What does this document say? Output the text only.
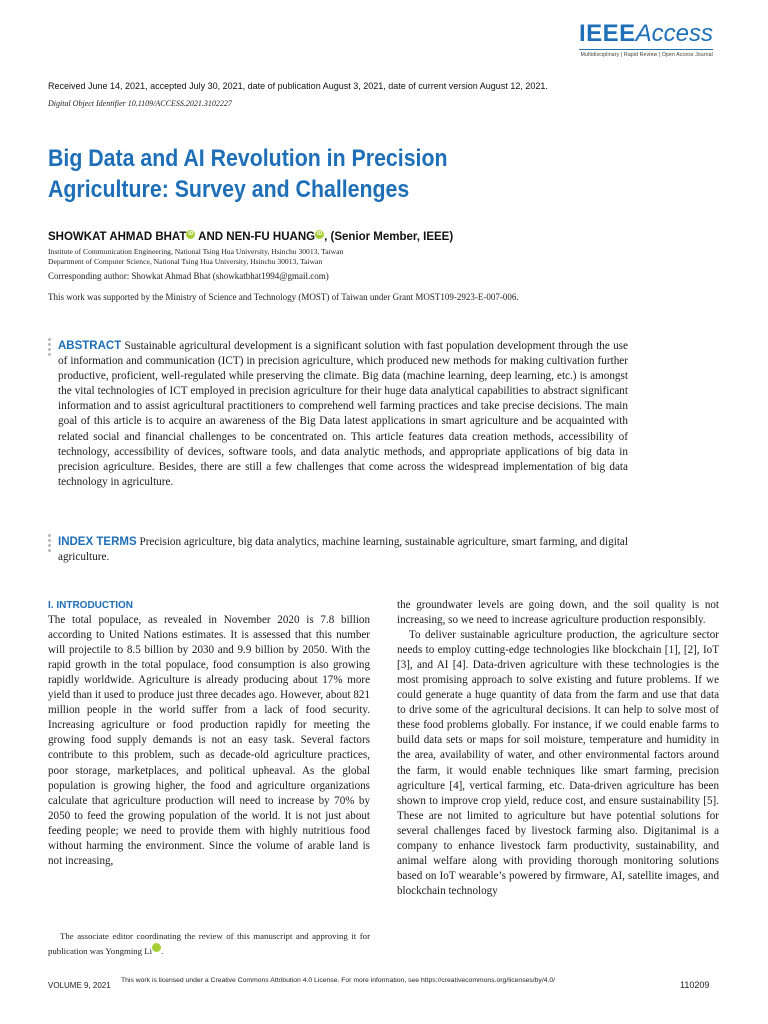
IEEEAccess
Multidisciplinary | Rapid Review | Open Access Journal
Received June 14, 2021, accepted July 30, 2021, date of publication August 3, 2021, date of current version August 12, 2021.
Digital Object Identifier 10.1109/ACCESS.2021.3102227
Big Data and AI Revolution in Precision
Agriculture: Survey and Challenges
SHOWKAT AHMAD BHAT iD AND NEN-FU HUANG iD , (Senior Member, IEEE)
Institute of Communication Engineering, National Tsing Hua University, Hsinchu 30013, Taiwan
Department of Computer Science, National Tsing Hua University, Hsinchu 30013, Taiwan
Corresponding author: Showkat Ahmad Bhat (showkatbhat1994@gmail.com)
This work was supported by the Ministry of Science and Technology (MOST) of Taiwan under Grant MOST109-2923-E-007-006.
ABSTRACT Sustainable agricultural development is a significant solution with fast population development through the use of information and communication (ICT) in precision agriculture, which produced new methods for making cultivation further productive, proficient, well-regulated while preserving the climate. Big data (machine learning, deep learning, etc.) is amongst the vital technologies of ICT employed in precision agriculture for their huge data analytical capabilities to abstract significant information and to assist agricultural practitioners to comprehend well farming practices and take precise decisions. The main goal of this article is to acquire an awareness of the Big Data latest applications in smart agriculture and be acquainted with related social and financial challenges to be concentrated on. This article features data creation methods, accessibility of technology, accessibility of devices, software tools, and data analytic methods, and appropriate applications of big data in precision agriculture. Besides, there are still a few challenges that come across the widespread implementation of big data technology in agriculture.
INDEX TERMS Precision agriculture, big data analytics, machine learning, sustainable agriculture, smart farming, and digital agriculture.
I. INTRODUCTION

The total populace, as revealed in November 2020 is 7.8 billion according to United Nations estimates. It is assessed that this number will projectile to 8.5 billion by 2030 and 9.9 billion by 2050. With the rapid growth in the total populace, food consumption is also growing rapidly worldwide. Agriculture is already producing about 17% more yield than it used to produce just three decades ago. However, about 821 million people in the world suffer from a lack of food security. Increasing agriculture or food production rapidly for meeting the growing food supply demands is not an easy task. Several factors contribute to this problem, such as decade-old agriculture practices, poor storage, marketplaces, and political upheaval. As the global population is growing higher, the food and agriculture organizations calculate that agriculture production will need to increase by 70% by 2050 to feed the growing population of the world. It is not just about feeding people; we need to provide them with highly nutritious food without harming the environment. Since the volume of arable land is not increasing,

The associate editor coordinating the review of this manuscript and approving it for publication was Yongming Li iD.

the groundwater levels are going down, and the soil quality is not increasing, so we need to increase agriculture production responsibly.

To deliver sustainable agriculture production, the agriculture sector needs to employ cutting-edge technologies like blockchain [1], [2], IoT [3], and AI [4]. Data-driven agriculture with these technologies is the most promising approach to solve existing and future problems. If we could generate a huge quantity of data from the farm and use that data to drive some of the agricultural decisions. It can help to solve most of these food problems globally. For instance, if we could enable farms to build data sets or maps for soil moisture, temperature and humidity in the area, availability of water, and other environmental factors around the farm, it would enable techniques like smart farming, precision agriculture [4], vertical farming, etc. Data-driven agriculture has been shown to improve crop yield, reduce cost, and ensure sustainability [5]. These are not limited to agriculture but have potential solutions for several challenges faced by livestock farming also. Digitanimal is a company to enhance livestock farm productivity, sustainability, and animal welfare along with providing thorough monitoring solutions based on IoT wearable’s powered by firmware, AI, satellite images, and blockchain technology

VOLUME 9, 2021
This work is licensed under a Creative Commons Attribution 4.0 License. For more information, see https://creativecommons.org/licenses/by/4.0/	110209
